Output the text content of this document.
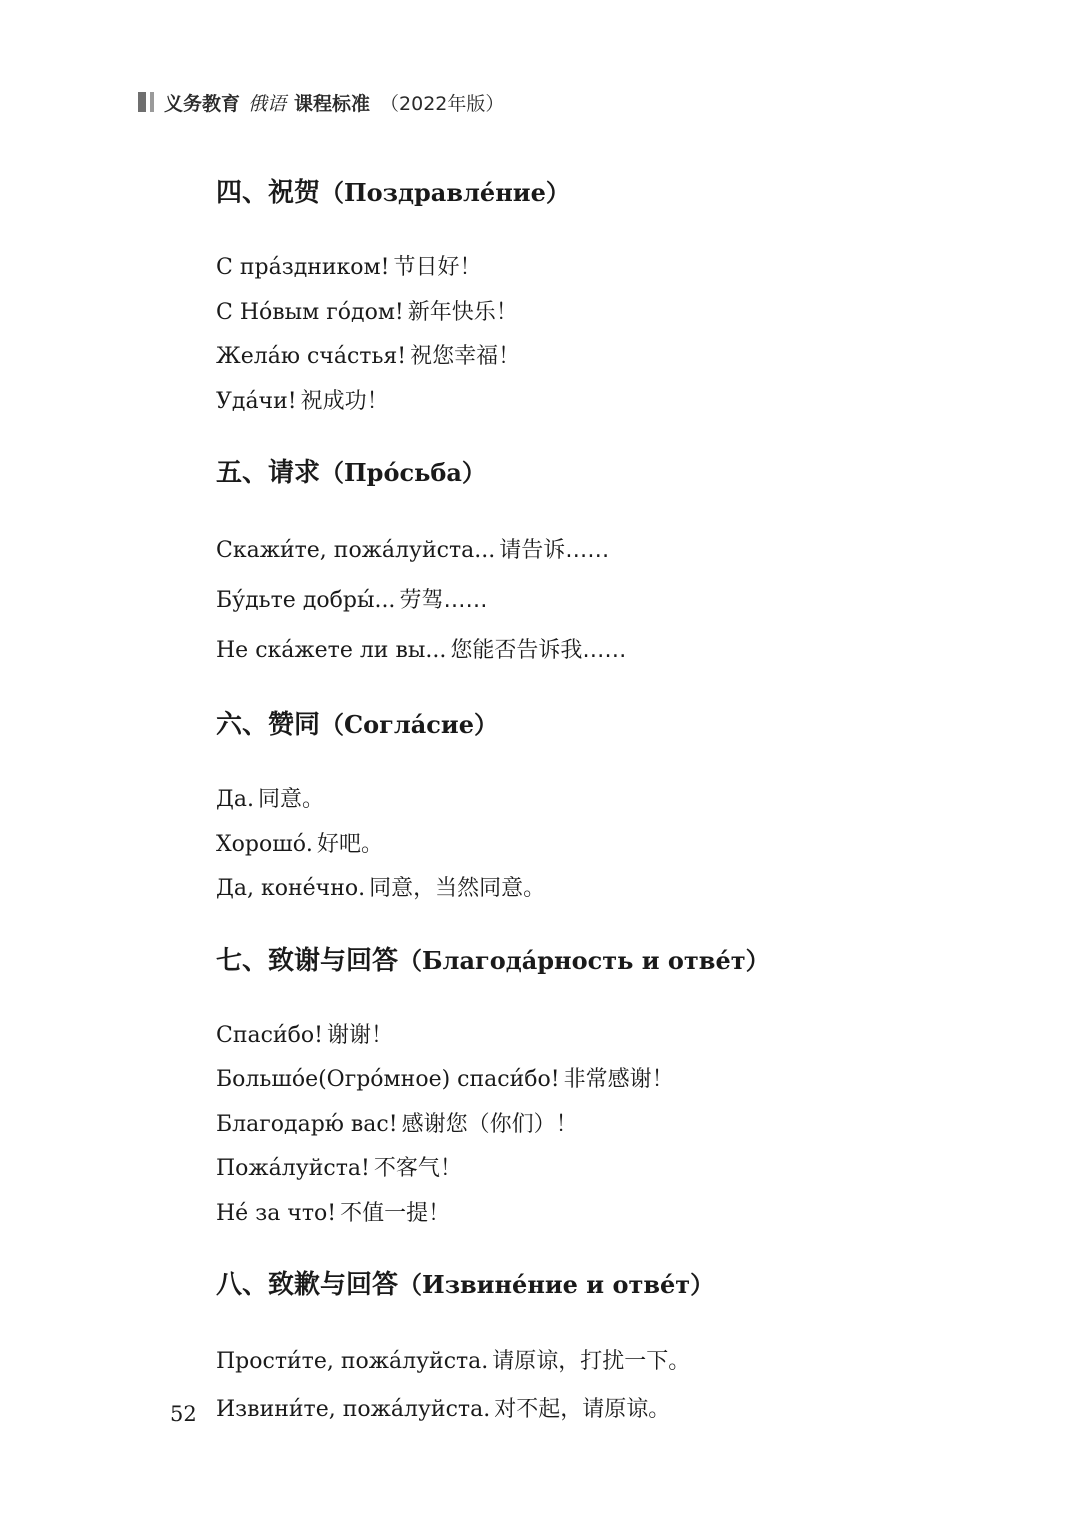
义务教育 俄语 课程标准 （2022年版）
四、祝贺（Поздравле́ние）
С пра́здником! 节日好！
С Но́вым го́дом! 新年快乐！
Жела́ю сча́стья! 祝您幸福！
Уда́чи! 祝成功！
五、请求（Про́сьба）
Скажи́те, пожа́луйста... 请告诉……
Бу́дьте добры́... 劳驾……
Не ска́жете ли вы... 您能否告诉我……
六、赞同（Согла́сие）
Да. 同意。
Хорошо́. 好吧。
Да, коне́чно. 同意，当然同意。
七、致谢与回答（Благода́рность и отве́т）
Спаси́бо! 谢谢！
Большо́е(Огро́мное) спаси́бо! 非常感谢！
Благодарю́ вас! 感谢您（你们）！
Пожа́луйста! 不客气！
Не́ за что! 不值一提！
八、致歉与回答（Извине́ние и отве́т）
Прости́те, пожа́луйста. 请原谅，打扰一下。
Извини́те, пожа́луйста. 对不起，请原谅。
52
